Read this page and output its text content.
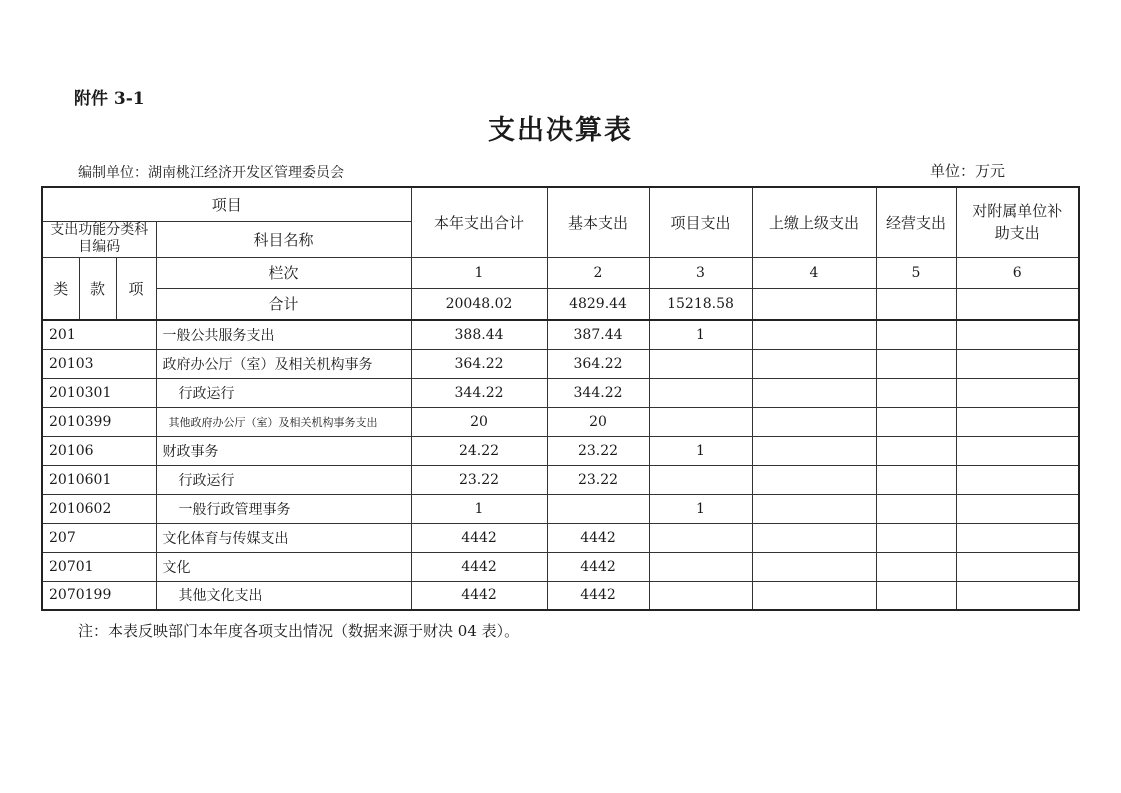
附件 3-1
支出决算表
编制单位：湖南桃江经济开发区管理委员会	单位：万元
项目				本年支出合计	基本支出	项目支出	上缴上级支出	经营支出	对附属单位补助支出
支出功能分类科目编码			科目名称						
类	款	项	栏次	1	2	3	4	5	6
			合计	20048.02	4829.44	15218.58			
201			一般公共服务支出	388.44	387.44	1			
20103			政府办公厅（室）及相关机构事务	364.22	364.22				
2010301			行政运行	344.22	344.22				
2010399			其他政府办公厅（室）及相关机构事务支出	20	20				
20106			财政事务	24.22	23.22	1			
2010601			行政运行	23.22	23.22				
2010602			一般行政管理事务	1		1			
207			文化体育与传媒支出	4442	4442				
20701			文化	4442	4442				
2070199			其他文化支出	4442	4442				
注：本表反映部门本年度各项支出情况（数据来源于财决 04 表）。
